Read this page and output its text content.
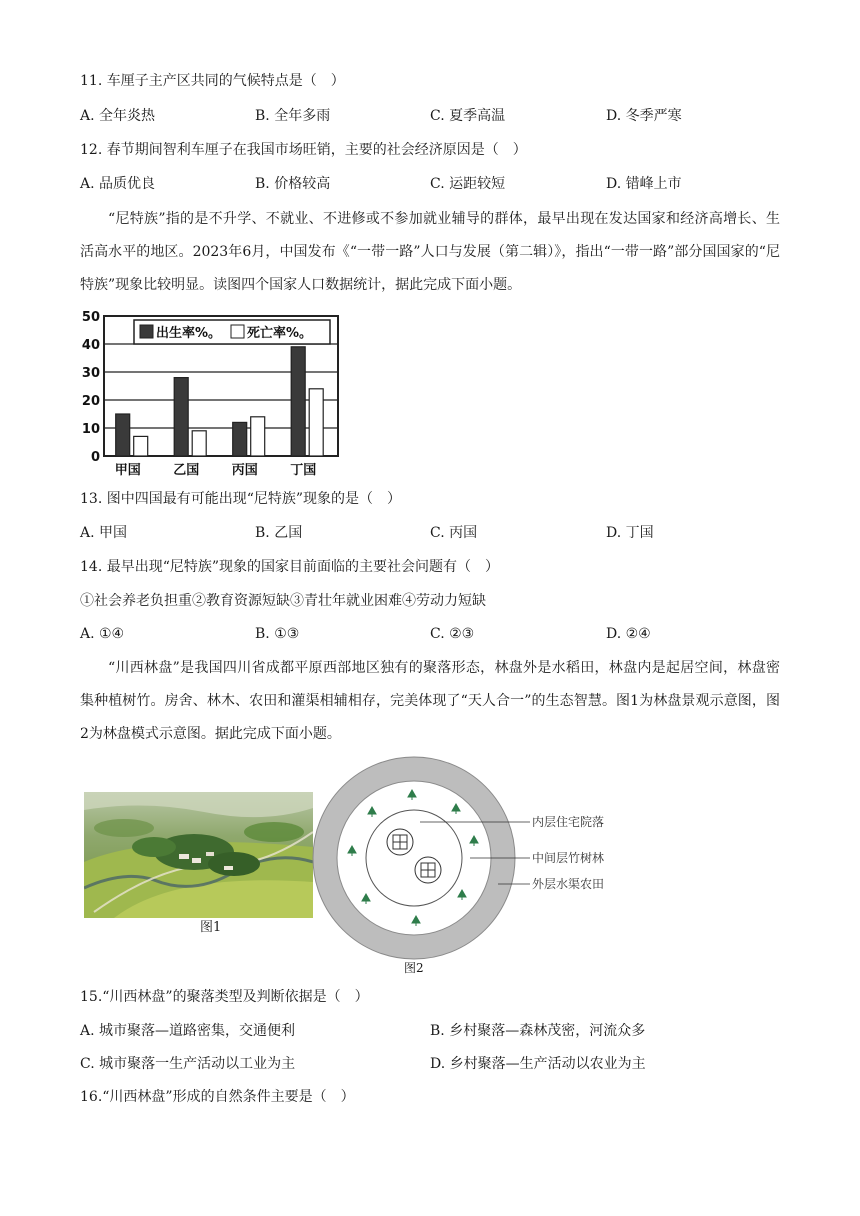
11. 车厘子主产区共同的气候特点是（　）
A. 全年炎热	B. 全年多雨	C. 夏季高温	D. 冬季严寒
12. 春节期间智利车厘子在我国市场旺销，主要的社会经济原因是（　）
A. 品质优良	B. 价格较高	C. 运距较短	D. 错峰上市
“尼特族”指的是不升学、不就业、不进修或不参加就业辅导的群体，最早出现在发达国家和经济高增长、生活高水平的地区。2023年6月，中国发布《“一带一路”人口与发展（第二辑）》，指出“一带一路”部分国国家的“尼特族”现象比较明显。读图四个国家人口数据统计，据此完成下面小题。
0
10
20
30
40
50
甲国 乙国 丙国 丁国
出生率%。 死亡率%。
13. 图中四国最有可能出现“尼特族”现象的是（　）
A. 甲国	B. 乙国	C. 丙国	D. 丁国
14. 最早出现“尼特族”现象的国家目前面临的主要社会问题有（　）
①社会养老负担重②教育资源短缺③青壮年就业困难④劳动力短缺
A. ①④	B. ①③	C. ②③	D. ②④
“川西林盘”是我国四川省成都平原西部地区独有的聚落形态，林盘外是水稻田，林盘内是起居空间，林盘密集种植树竹。房舍、林木、农田和灌渠相辅相存，完美体现了“天人合一”的生态智慧。图1为林盘景观示意图，图2为林盘模式示意图。据此完成下面小题。
图1
内层住宅院落
中间层竹树林
外层水渠农田
图2
15.“川西林盘”的聚落类型及判断依据是（　）
A. 城市聚落—道路密集，交通便利	B. 乡村聚落—森林茂密，河流众多
C. 城市聚落一生产活动以工业为主	D. 乡村聚落—生产活动以农业为主
16.“川西林盘”形成的自然条件主要是（　）
